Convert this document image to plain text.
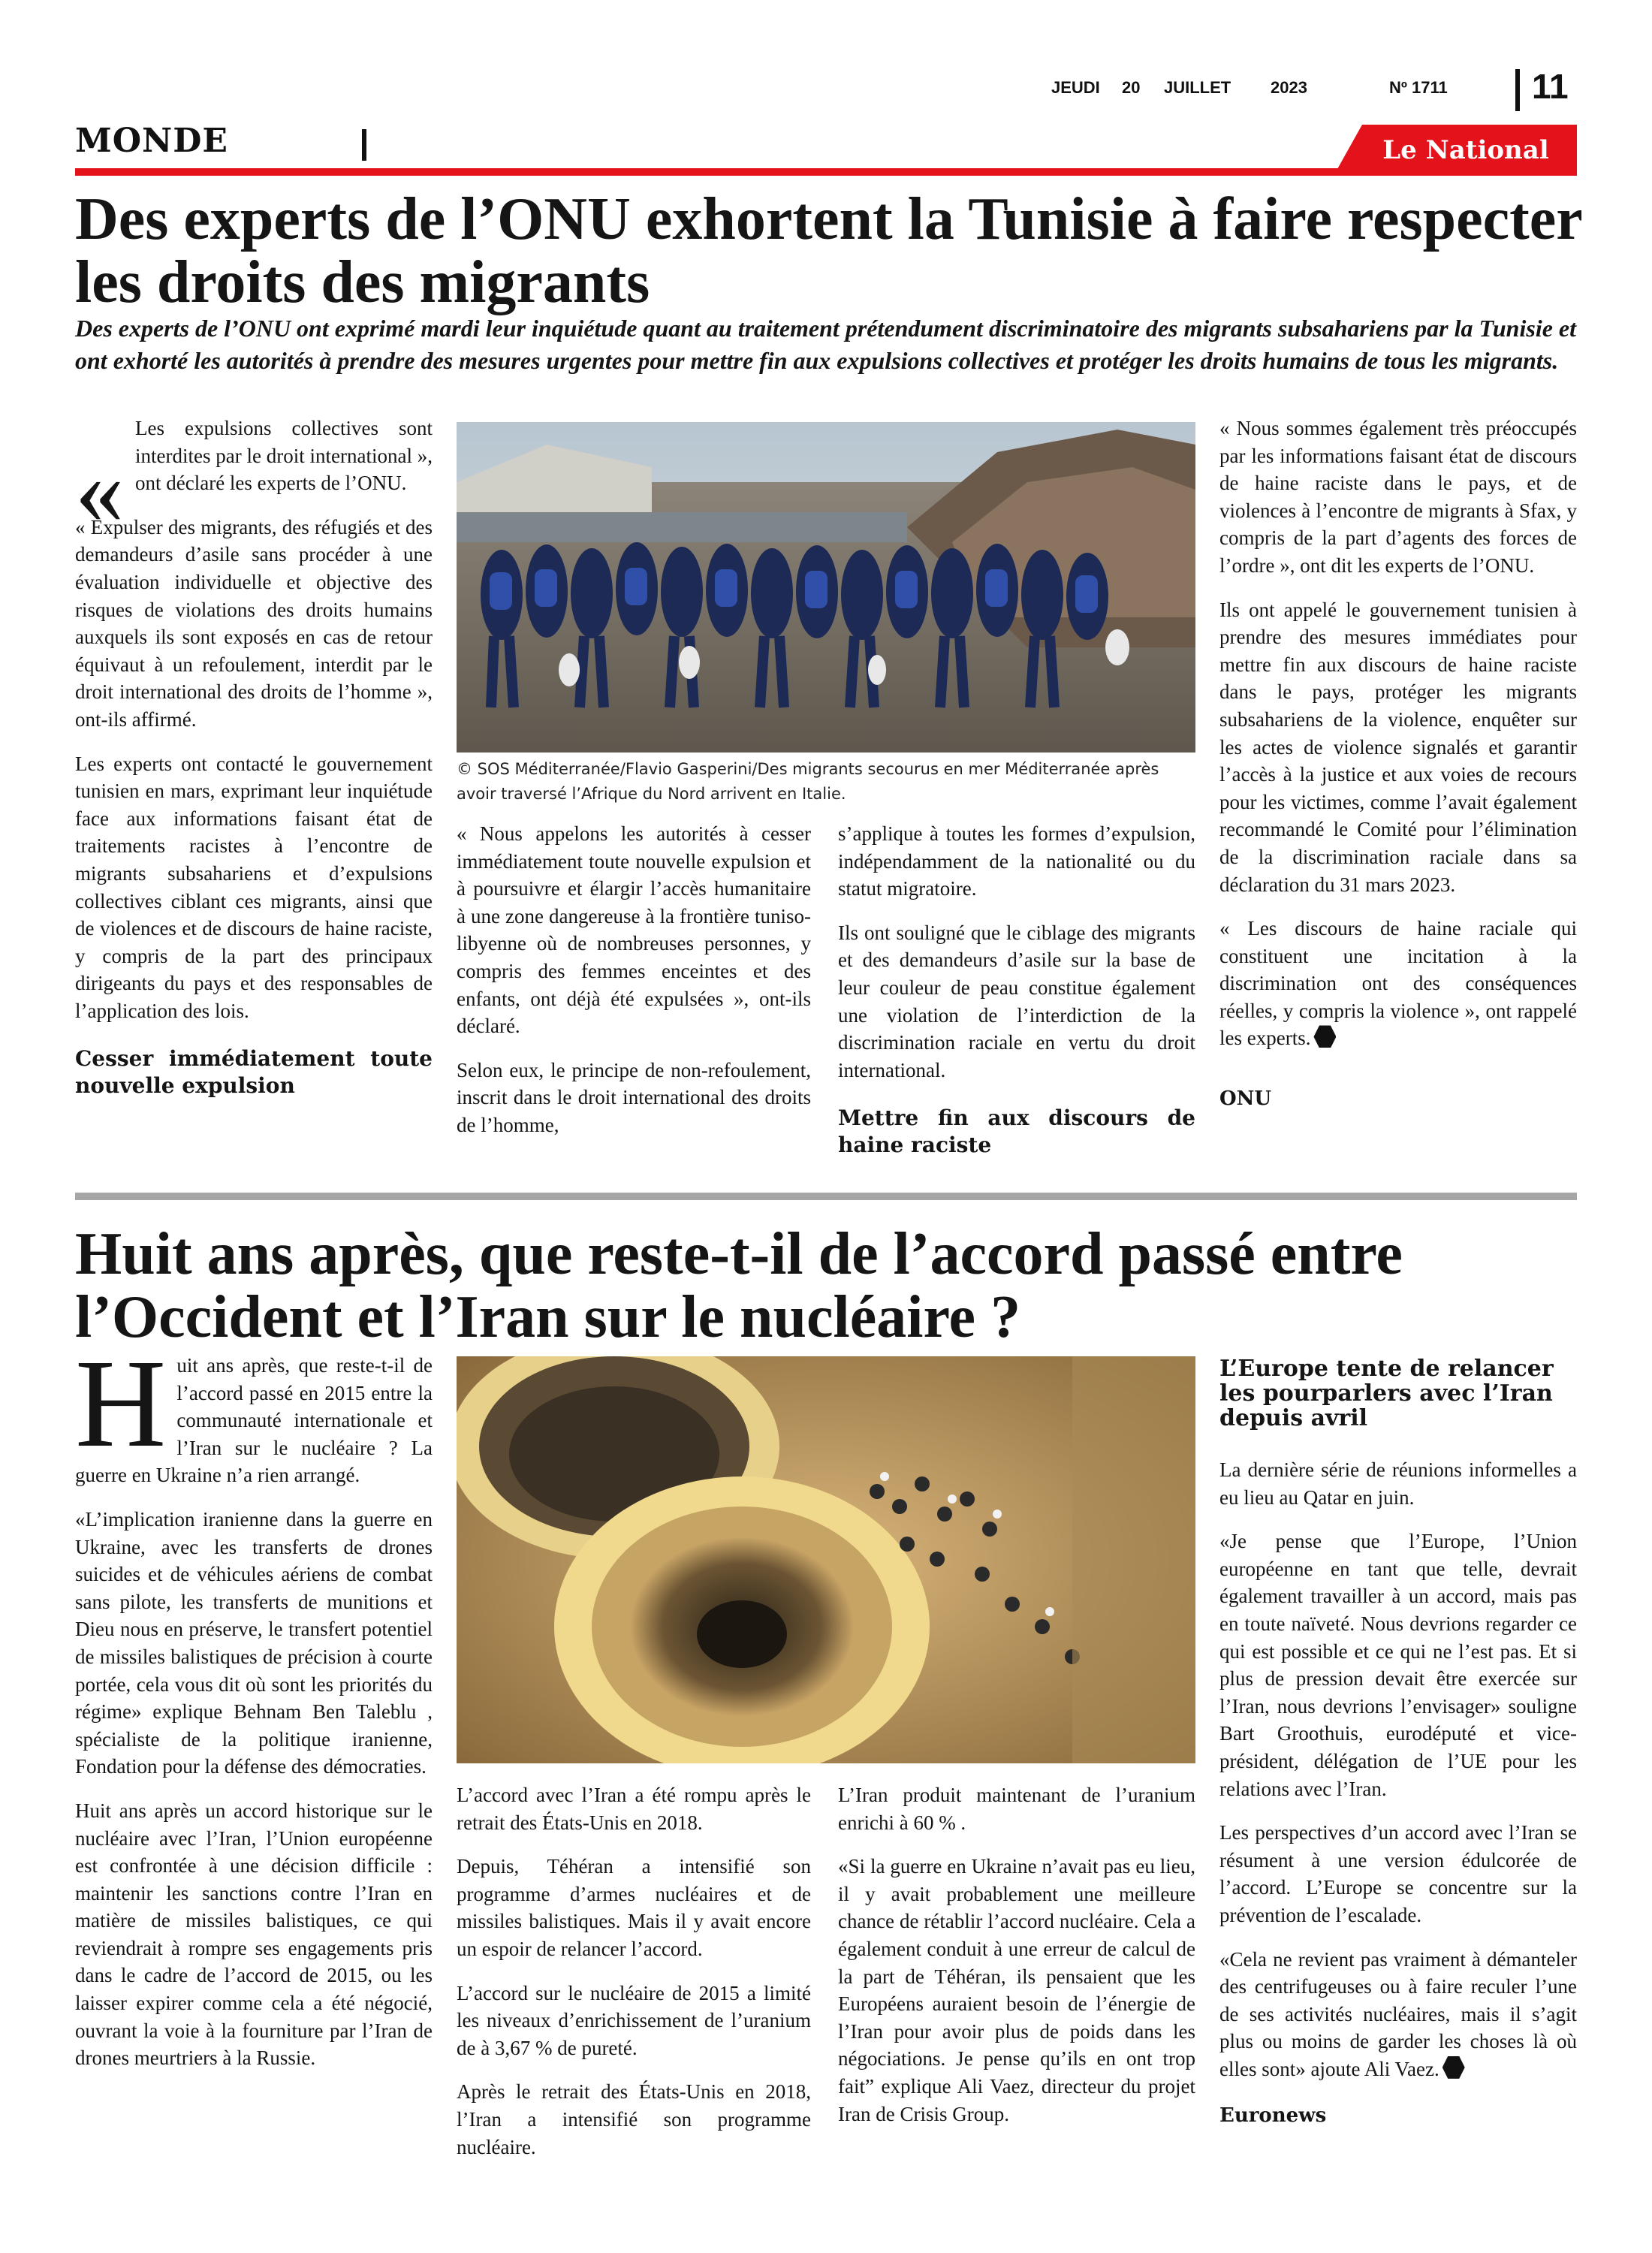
JEUDI 20 JUILLET 2023	Nº 1711 11
MONDE	Le National
Des experts de l’ONU exhortent la Tunisie à faire respecter
les droits des migrants

Des experts de l’ONU ont exprimé mardi leur inquiétude quant au traitement prétendument discriminatoire des migrants subsahariens par la Tunisie et ont exhorté les autorités à prendre des mesures urgentes pour mettre fin aux expulsions collectives et protéger les droits humains de tous les migrants.

«

Les expulsions collectives sont interdites par le droit international », ont déclaré les experts de l’ONU.

« Expulser des migrants, des réfugiés et des demandeurs d’asile sans procéder à une évaluation individuelle et objective des risques de violations des droits humains auxquels ils sont exposés en cas de retour équivaut à un refoulement, interdit par le droit international des droits de l’homme », ont-ils affirmé.

Les experts ont contacté le gouvernement tunisien en mars, exprimant leur inquiétude face aux informations faisant état de traitements racistes à l’encontre de migrants subsahariens et d’expulsions collectives ciblant ces migrants, ainsi que de violences et de discours de haine raciste, y compris de la part des principaux dirigeants du pays et des responsables de l’application des lois.

Cesser immédiatement toute nouvelle expulsion
© SOS Méditerranée/Flavio Gasperini/Des migrants secourus en mer Méditerranée après avoir traversé l’Afrique du Nord arrivent en Italie.

« Nous appelons les autorités à cesser immédiatement toute nouvelle expulsion et à poursuivre et élargir l’accès humanitaire à une zone dangereuse à la frontière tuniso-libyenne où de nombreuses personnes, y compris des femmes enceintes et des enfants, ont déjà été expulsées », ont-ils déclaré.

Selon eux, le principe de non-refoulement, inscrit dans le droit international des droits de l’homme,

s’applique à toutes les formes d’expulsion, indépendamment de la nationalité ou du statut migratoire.

Ils ont souligné que le ciblage des migrants et des demandeurs d’asile sur la base de leur couleur de peau constitue également une violation de l’interdiction de la discrimination raciale en vertu du droit international.

Mettre fin aux discours de haine raciste

« Nous sommes également très préoccupés par les informations faisant état de discours de haine raciste dans le pays, et de violences à l’encontre de migrants à Sfax, y compris de la part d’agents des forces de l’ordre », ont dit les experts de l’ONU.

Ils ont appelé le gouvernement tunisien à prendre des mesures immédiates pour mettre fin aux discours de haine raciste dans le pays, protéger les migrants subsahariens de la violence, enquêter sur les actes de violence signalés et garantir l’accès à la justice et aux voies de recours pour les victimes, comme l’avait également recommandé le Comité pour l’élimination de la discrimination raciale dans sa déclaration du 31 mars 2023.

« Les discours de haine raciale qui constituent une incitation à la discrimination ont des conséquences réelles, y compris la violence », ont rappelé les experts.

ONU
Huit ans après, que reste-t-il de l’accord passé entre
l’Occident et l’Iran sur le nucléaire ?

Huit ans après, que reste-t-il de l’accord passé en 2015 entre la communauté internationale et l’Iran sur le nucléaire ? La guerre en Ukraine n’a rien arrangé.

«L’implication iranienne dans la guerre en Ukraine, avec les transferts de drones suicides et de véhicules aériens de combat sans pilote, les transferts de munitions et Dieu nous en préserve, le transfert potentiel de missiles balistiques de précision à courte portée, cela vous dit où sont les priorités du régime» explique Behnam Ben Taleblu , spécialiste de la politique iranienne, Fondation pour la défense des démocraties.

Huit ans après un accord historique sur le nucléaire avec l’Iran, l’Union européenne est confrontée à une décision difficile : maintenir les sanctions contre l’Iran en matière de missiles balistiques, ce qui reviendrait à rompre ses engagements pris dans le cadre de l’accord de 2015, ou les laisser expirer comme cela a été négocié, ouvrant la voie à la fourniture par l’Iran de drones meurtriers à la Russie.

L’accord avec l’Iran a été rompu après le retrait des États-Unis en 2018.

Depuis, Téhéran a intensifié son programme d’armes nucléaires et de missiles balistiques. Mais il y avait encore un espoir de relancer l’accord.

L’accord sur le nucléaire de 2015 a limité les niveaux d’enrichissement de l’uranium de à 3,67 % de pureté.

Après le retrait des États-Unis en 2018, l’Iran a intensifié son programme nucléaire.

L’Iran produit maintenant de l’uranium enrichi à 60 % .

«Si la guerre en Ukraine n’avait pas eu lieu, il y avait probablement une meilleure chance de rétablir l’accord nucléaire. Cela a également conduit à une erreur de calcul de la part de Téhéran, ils pensaient que les Européens auraient besoin de l’énergie de l’Iran pour avoir plus de poids dans les négociations. Je pense qu’ils en ont trop fait” explique Ali Vaez, directeur du projet Iran de Crisis Group.

L’Europe tente de relancer les pourparlers avec l’Iran depuis avril

La dernière série de réunions informelles a eu lieu au Qatar en juin.

«Je pense que l’Europe, l’Union européenne en tant que telle, devrait également travailler à un accord, mais pas en toute naïveté. Nous devrions regarder ce qui est possible et ce qui ne l’est pas. Et si plus de pression devait être exercée sur l’Iran, nous devrions l’envisager» souligne Bart Groothuis, eurodéputé et vice-président, délégation de l’UE pour les relations avec l’Iran.

Les perspectives d’un accord avec l’Iran se résument à une version édulcorée de l’accord. L’Europe se concentre sur la prévention de l’escalade.

«Cela ne revient pas vraiment à démanteler des centrifugeuses ou à faire reculer l’une de ses activités nucléaires, mais il s’agit plus ou moins de garder les choses là où elles sont» ajoute Ali Vaez.

Euronews
